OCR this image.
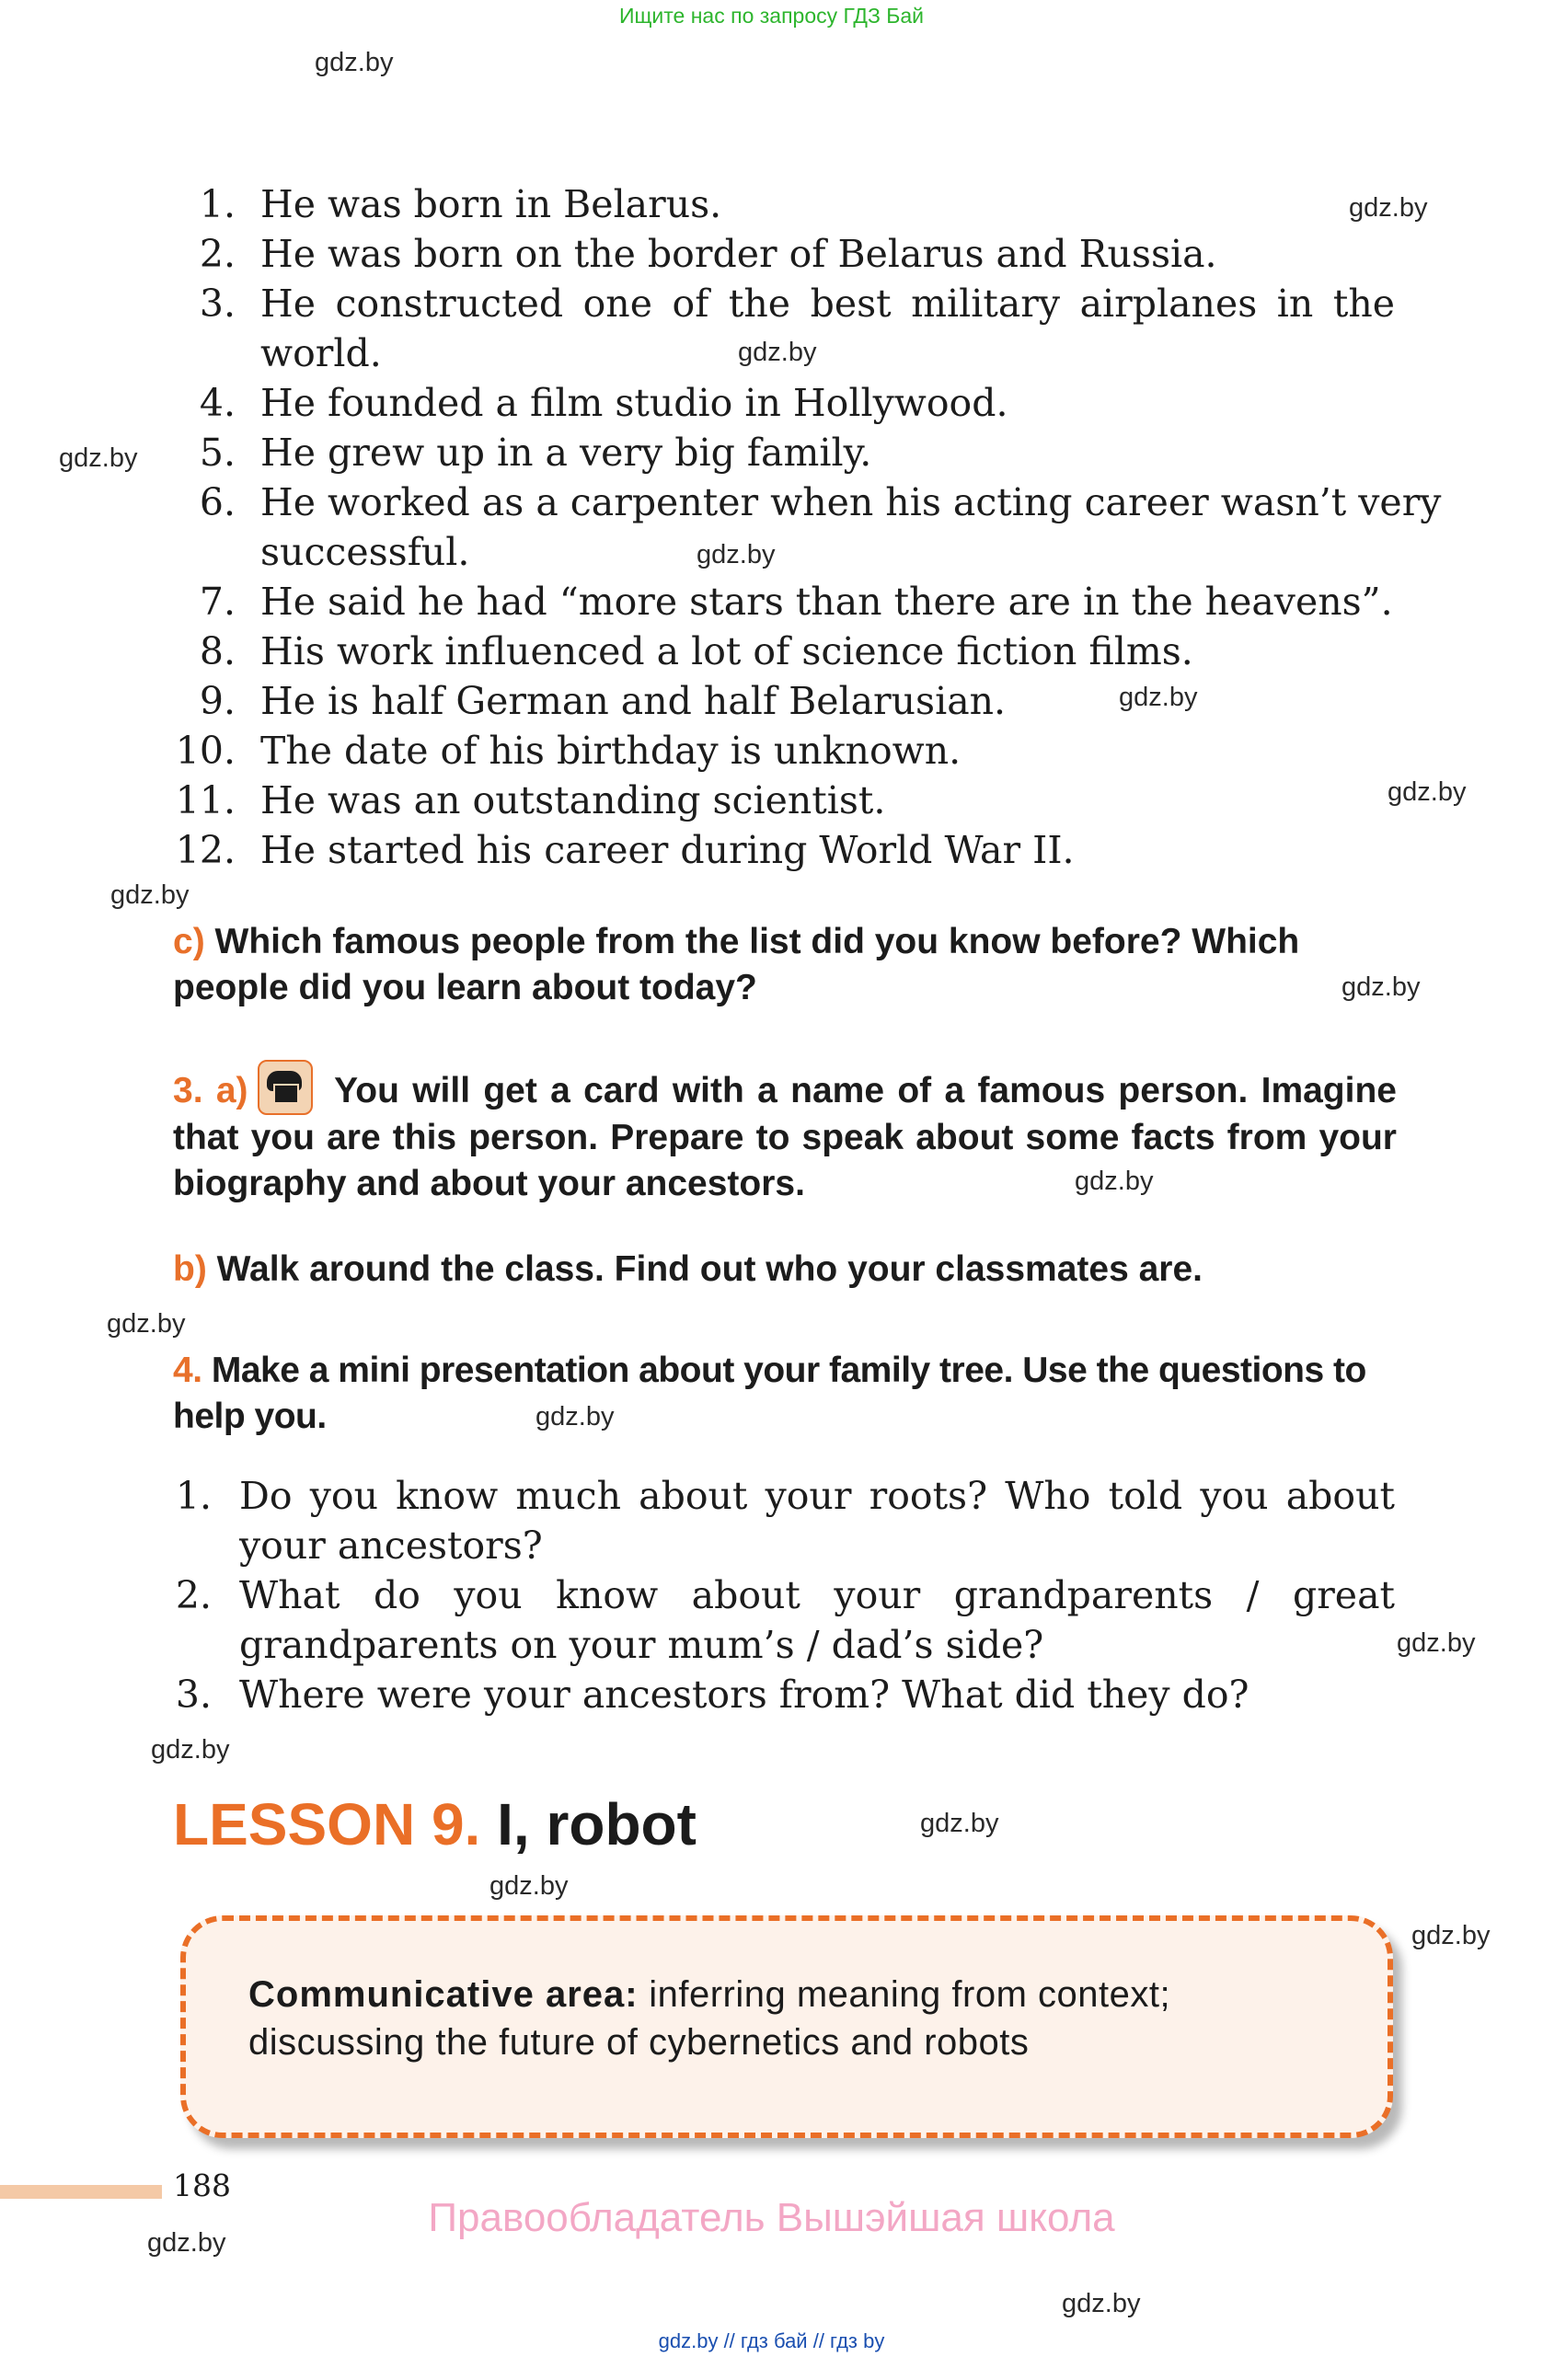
Ищите нас по запросу ГДЗ Бай
gdz.by
gdz.by
gdz.by
gdz.by
gdz.by
gdz.by
gdz.by
gdz.by
gdz.by
gdz.by
gdz.by
gdz.by
gdz.by
gdz.by
gdz.by
gdz.by
gdz.by
gdz.by
gdz.by
1. He was born in Belarus.
2. He was born on the border of Belarus and Russia.
3. He constructed one of the best military airplanes in the
world.
4. He founded a film studio in Hollywood.
5. He grew up in a very big family.
6. He worked as a carpenter when his acting career wasn’t very
successful.
7. He said he had “more stars than there are in the heavens”.
8. His work influenced a lot of science fiction films.
9. He is half German and half Belarusian.
10. The date of his birthday is unknown.
11. He was an outstanding scientist.
12. He started his career during World War II.
c) Which famous people from the list did you know before? Which people did you learn about today?
3. a) You will get a card with a name of a famous person. Imagine that you are this person. Prepare to speak about some facts from your biography and about your ancestors.
b) Walk around the class. Find out who your classmates are.
4. Make a mini presentation about your family tree. Use the questions to help you.
1. Do you know much about your roots? Who told you about
your ancestors?
2. What do you know about your grandparents / great
grandparents on your mum’s / dad’s side?
3. Where were your ancestors from? What did they do?
LESSON 9. I, robot
Communicative area: inferring meaning from context; discussing the future of cybernetics and robots
188
Правообладатель Вышэйшая школа
gdz.by // гдз бай // гдз by
